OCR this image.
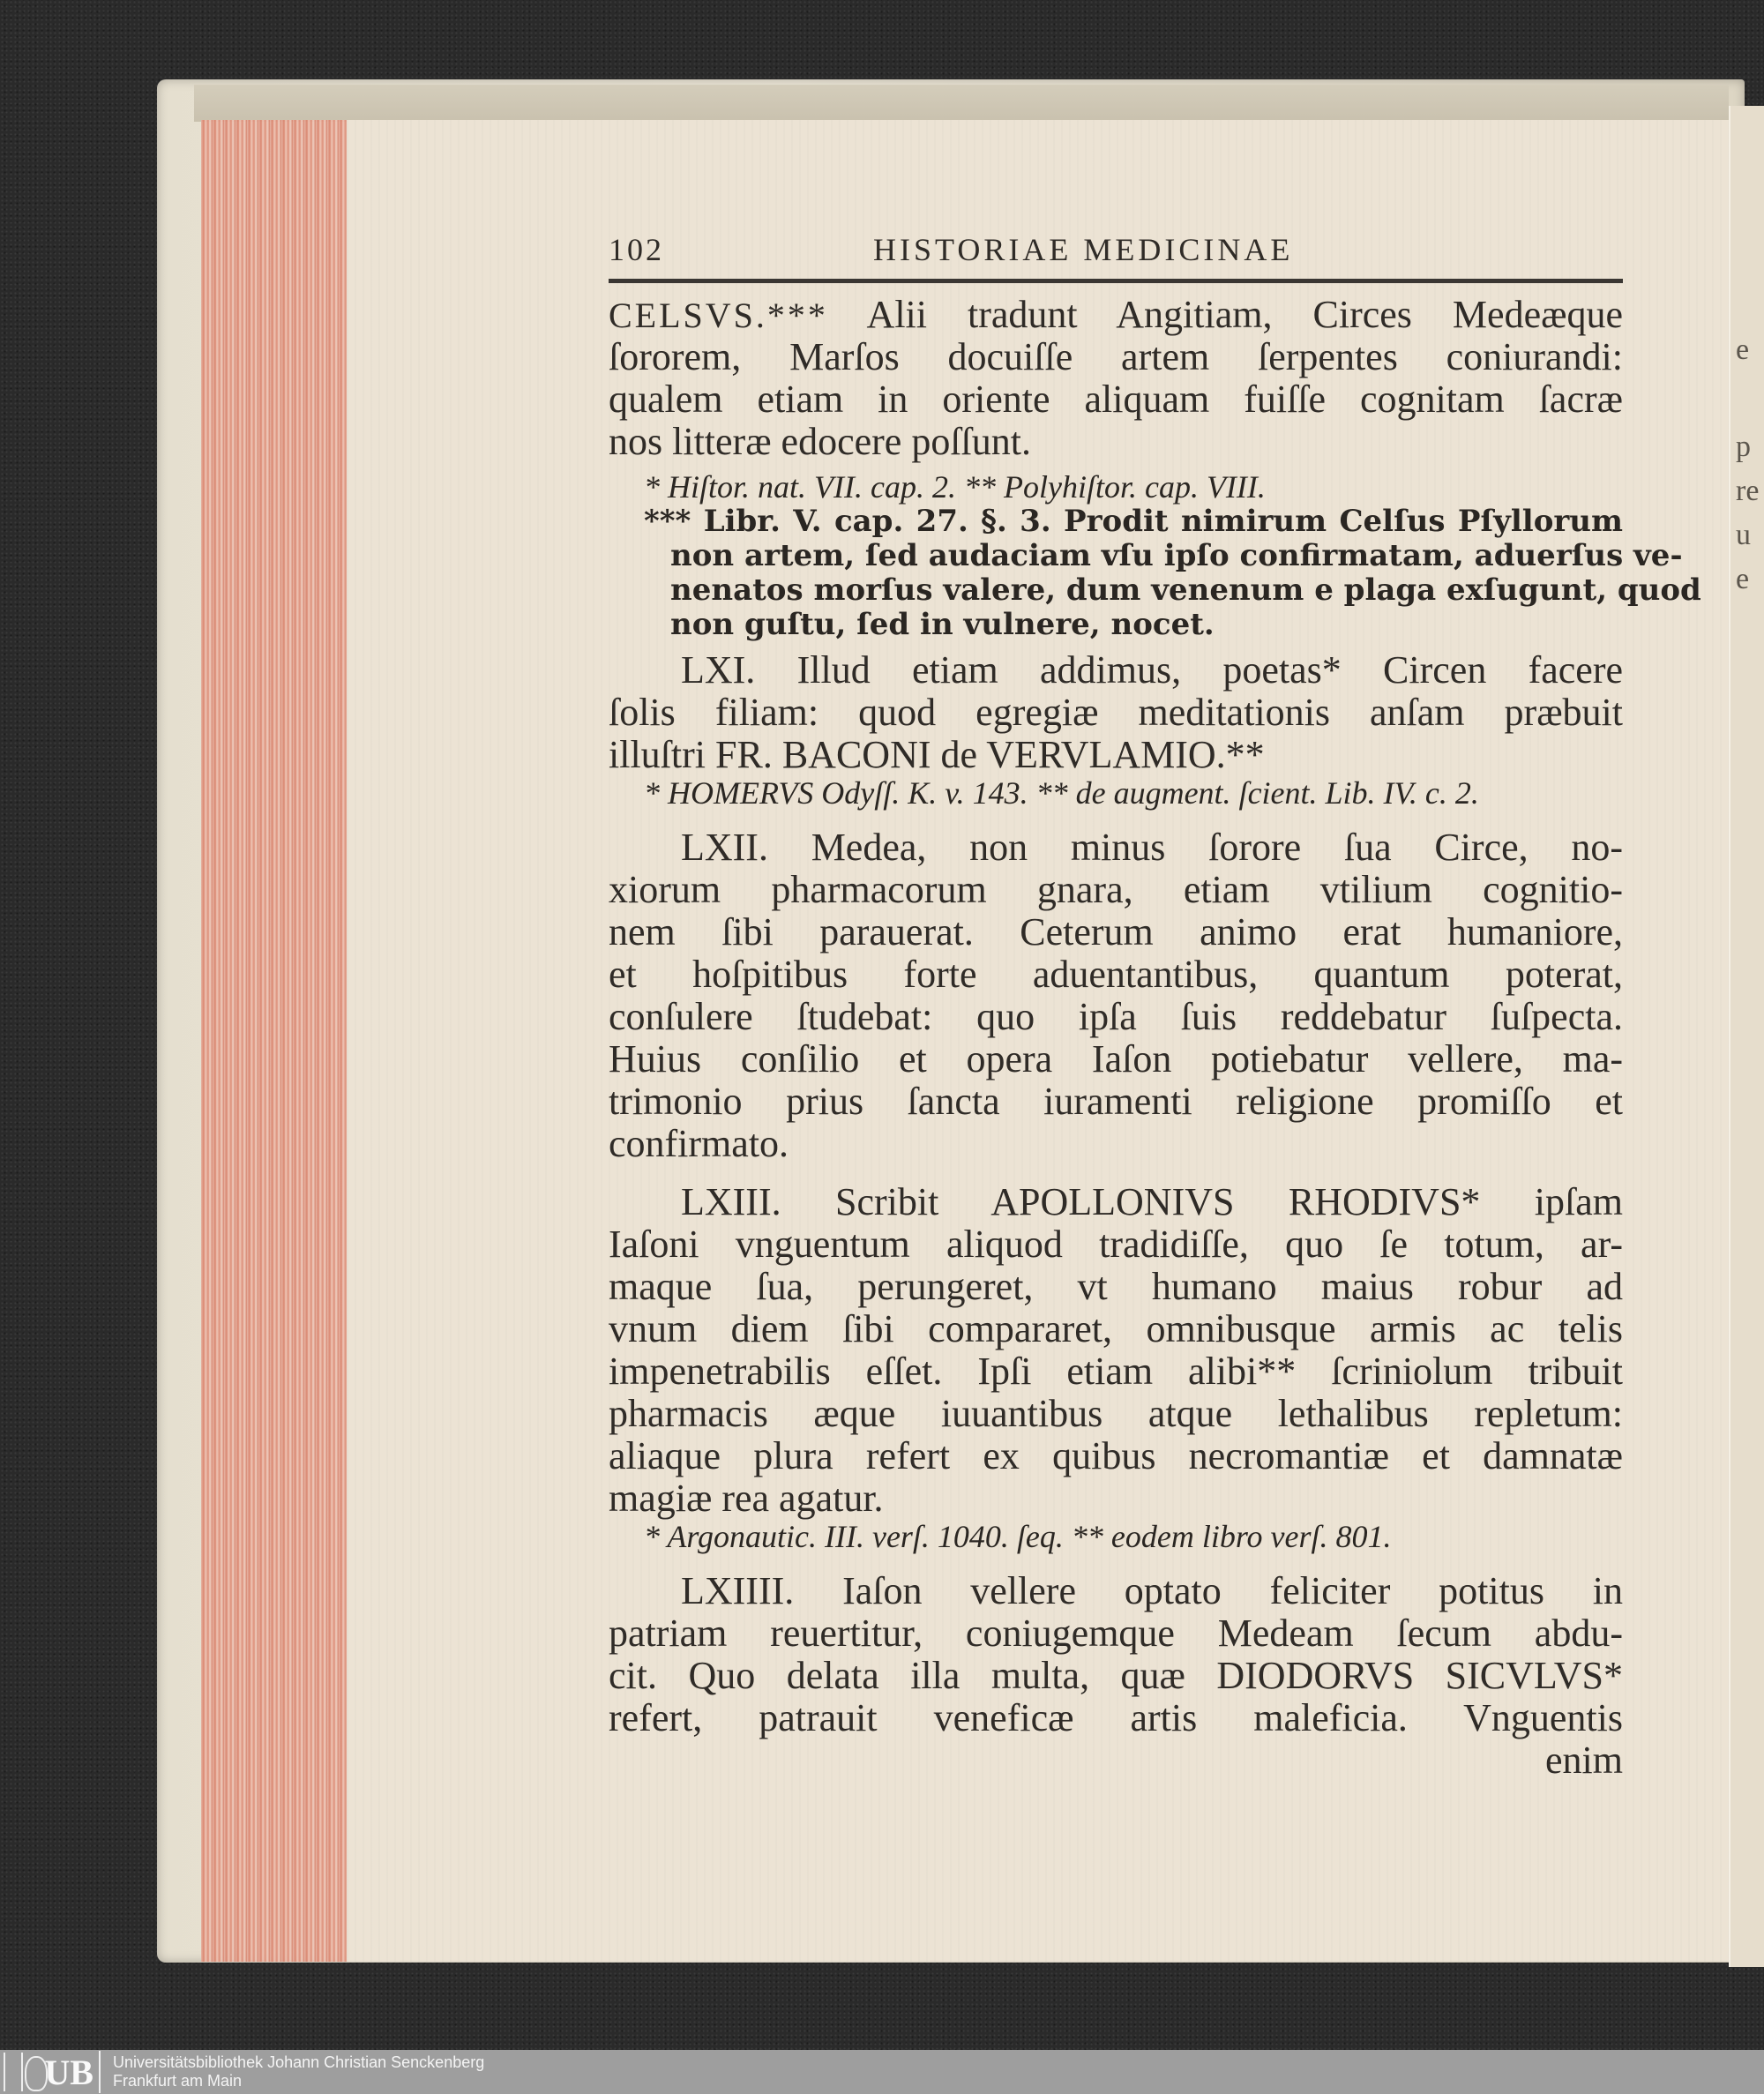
e
p
re
u
e
102	HISTORIAE MEDICINAE
CELSVS.*** Alii tradunt Angitiam, Circes Medeæque
ſororem, Marſos docuiſſe artem ſerpentes coniurandi:
qualem etiam in oriente aliquam fuiſſe cognitam ſacræ
nos litteræ edocere poſſunt.
* Hiſtor. nat. VII. cap. 2. ** Polyhiſtor. cap. VIII.
*** Libr. V. cap. 27. §. 3. Prodit nimirum Celſus Pſyllorum
non artem, ſed audaciam vſu ipſo confirmatam, aduerſus ve-
nenatos morſus valere, dum venenum e plaga exſugunt, quod
non guſtu, ſed in vulnere, nocet.
LXI. Illud etiam addimus, poetas* Circen facere
ſolis filiam: quod egregiæ meditationis anſam præbuit
illuſtri FR. BACONI de VERVLAMIO.**
* HOMERVS Odyſſ. K. v. 143. ** de augment. ſcient. Lib. IV. c. 2.
LXII. Medea, non minus ſorore ſua Circe, no-
xiorum pharmacorum gnara, etiam vtilium cognitio-
nem ſibi parauerat. Ceterum animo erat humaniore,
et hoſpitibus forte aduentantibus, quantum poterat,
conſulere ſtudebat: quo ipſa ſuis reddebatur ſuſpecta.
Huius conſilio et opera Iaſon potiebatur vellere, ma-
trimonio prius ſancta iuramenti religione promiſſo et
confirmato.
LXIII. Scribit APOLLONIVS RHODIVS* ipſam
Iaſoni vnguentum aliquod tradidiſſe, quo ſe totum, ar-
maque ſua, perungeret, vt humano maius robur ad
vnum diem ſibi compararet, omnibusque armis ac telis
impenetrabilis eſſet. Ipſi etiam alibi** ſcriniolum tribuit
pharmacis æque iuuantibus atque lethalibus repletum:
aliaque plura refert ex quibus necromantiæ et damnatæ
magiæ rea agatur.
* Argonautic. III. verſ. 1040. ſeq. ** eodem libro verſ. 801.
LXIIII. Iaſon vellere optato feliciter potitus in
patriam reuertitur, coniugemque Medeam ſecum abdu-
cit. Quo delata illa multa, quæ DIODORVS SICVLVS*
refert, patrauit veneficæ artis maleficia. Vnguentis
enim
UB Universitätsbibliothek Johann Christian Senckenberg
Frankfurt am Main
